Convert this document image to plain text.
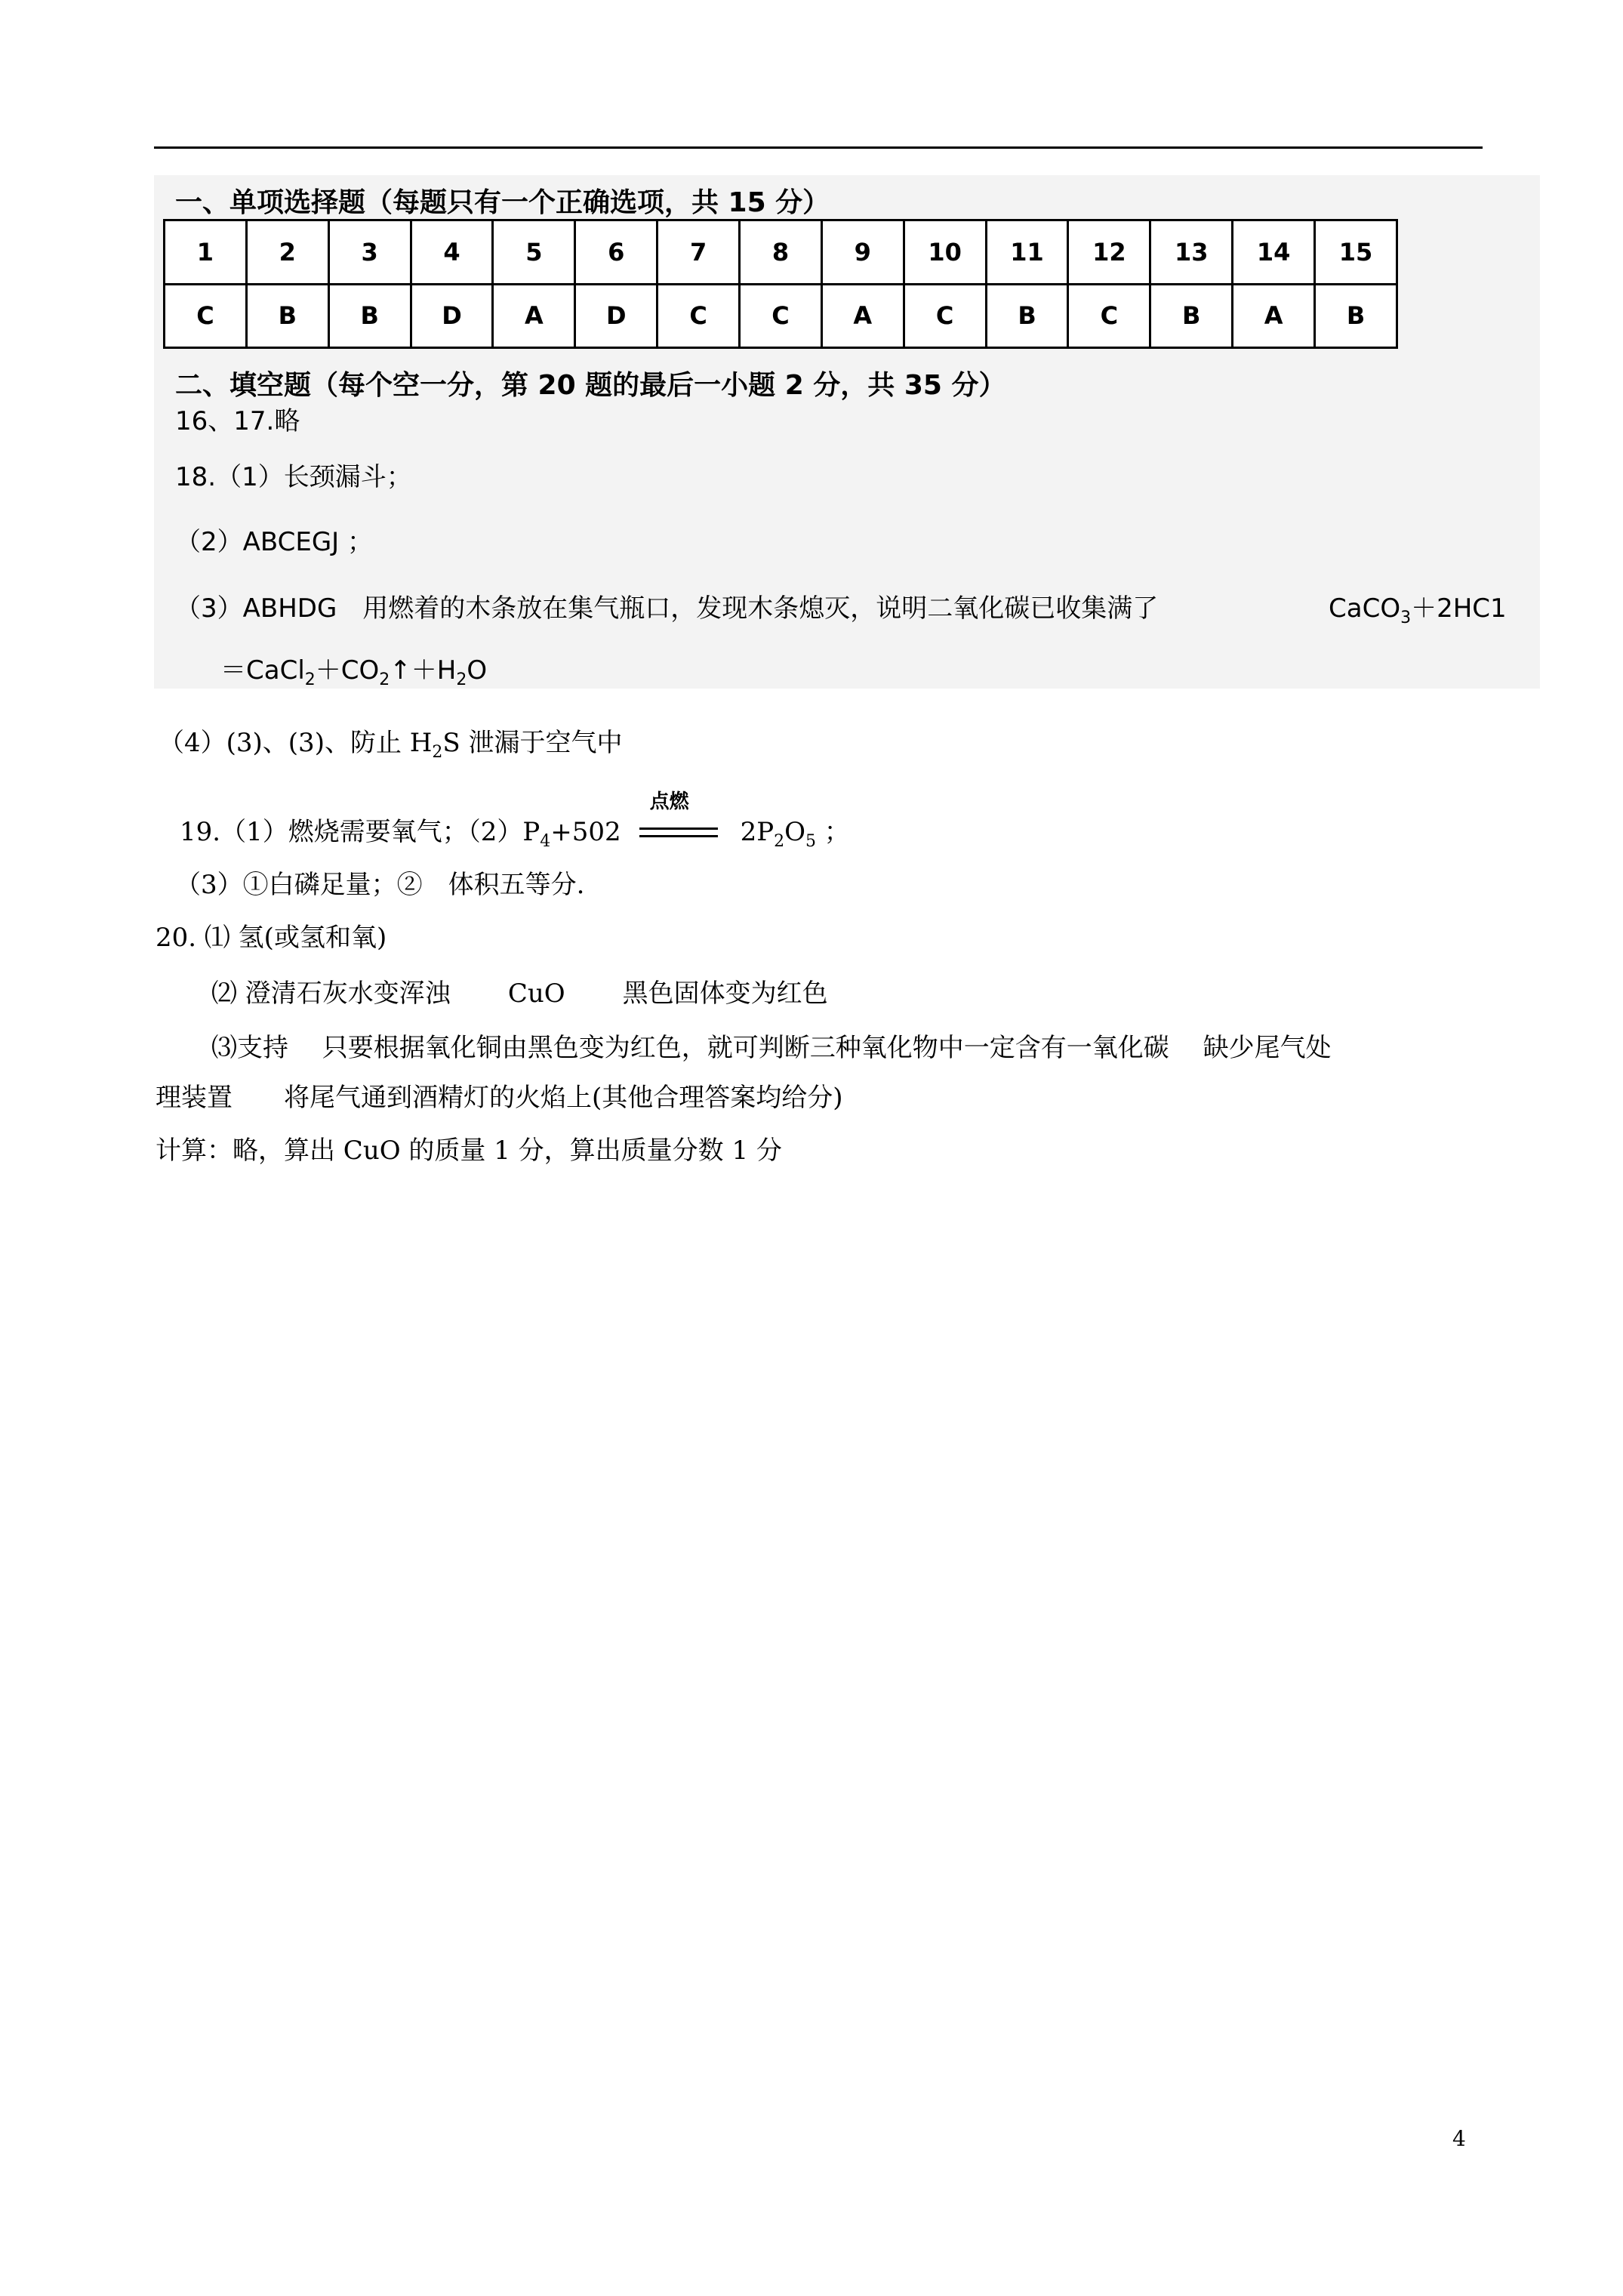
一、单项选择题（每题只有一个正确选项，共 15 分）
1	2	3	4	5	6	7	8	9	10	11	12	13	14	15
C	B	B	D	A	D	C	C	A	C	B	C	B	A	B
二、填空题（每个空一分，第 20 题的最后一小题 2 分，共 35 分）
16、17.略
18.（1）长颈漏斗；
（2）ABCEGJ ；
（3）ABHDG　用燃着的木条放在集气瓶口，发现木条熄灭，说明二氧化碳已收集满了	CaCO$_3$＋2HC1
$=CaCl_2+CO_2↑+H_2O$
（4）(3)、(3)、防止 $H_2S$ 泄漏于空气中
19.（1）燃烧需要氧气；$(2)P_4+502$
点燃
$2P_2O_5$ ；
（3）①白磷足量；②　体积五等分.
20. ⑴ 氢(或氢和氧)
⑵ 澄清石灰水变浑浊 CuO 黑色固体变为红色
⑶支持　 只要根据氧化铜由黑色变为红色，就可判断三种氧化物中一定含有一氧化碳　 缺少尾气处
理装置　　将尾气通到酒精灯的火焰上(其他合理答案均给分)
计算：略，算出 CuO 的质量 1 分，算出质量分数 1 分
4
